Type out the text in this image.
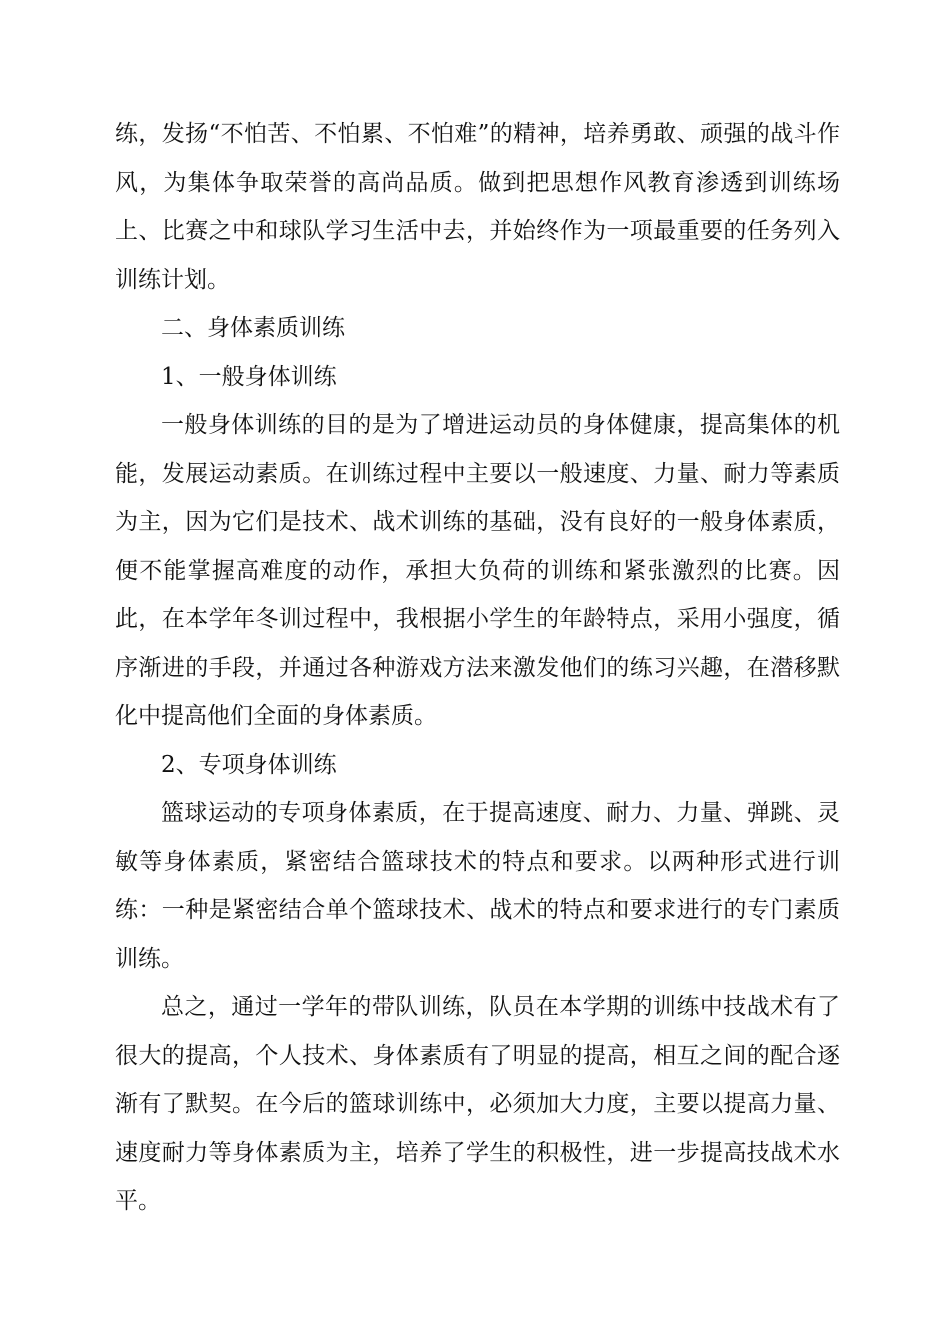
练，发扬“不怕苦、不怕累、不怕难”的精神，培养勇敢、顽强的战斗作风，为集体争取荣誉的高尚品质。做到把思想作风教育渗透到训练场上、比赛之中和球队学习生活中去，并始终作为一项最重要的任务列入训练计划。

二、身体素质训练

1、一般身体训练

一般身体训练的目的是为了增进运动员的身体健康，提高集体的机能，发展运动素质。在训练过程中主要以一般速度、力量、耐力等素质为主，因为它们是技术、战术训练的基础，没有良好的一般身体素质，便不能掌握高难度的动作，承担大负荷的训练和紧张激烈的比赛。因此，在本学年冬训过程中，我根据小学生的年龄特点，采用小强度，循序渐进的手段，并通过各种游戏方法来激发他们的练习兴趣，在潜移默化中提高他们全面的身体素质。

2、专项身体训练

篮球运动的专项身体素质，在于提高速度、耐力、力量、弹跳、灵敏等身体素质，紧密结合篮球技术的特点和要求。以两种形式进行训练：一种是紧密结合单个篮球技术、战术的特点和要求进行的专门素质训练。

总之，通过一学年的带队训练，队员在本学期的训练中技战术有了很大的提高，个人技术、身体素质有了明显的提高，相互之间的配合逐渐有了默契。在今后的篮球训练中，必须加大力度，主要以提高力量、速度耐力等身体素质为主，培养了学生的积极性，进一步提高技战术水平。
